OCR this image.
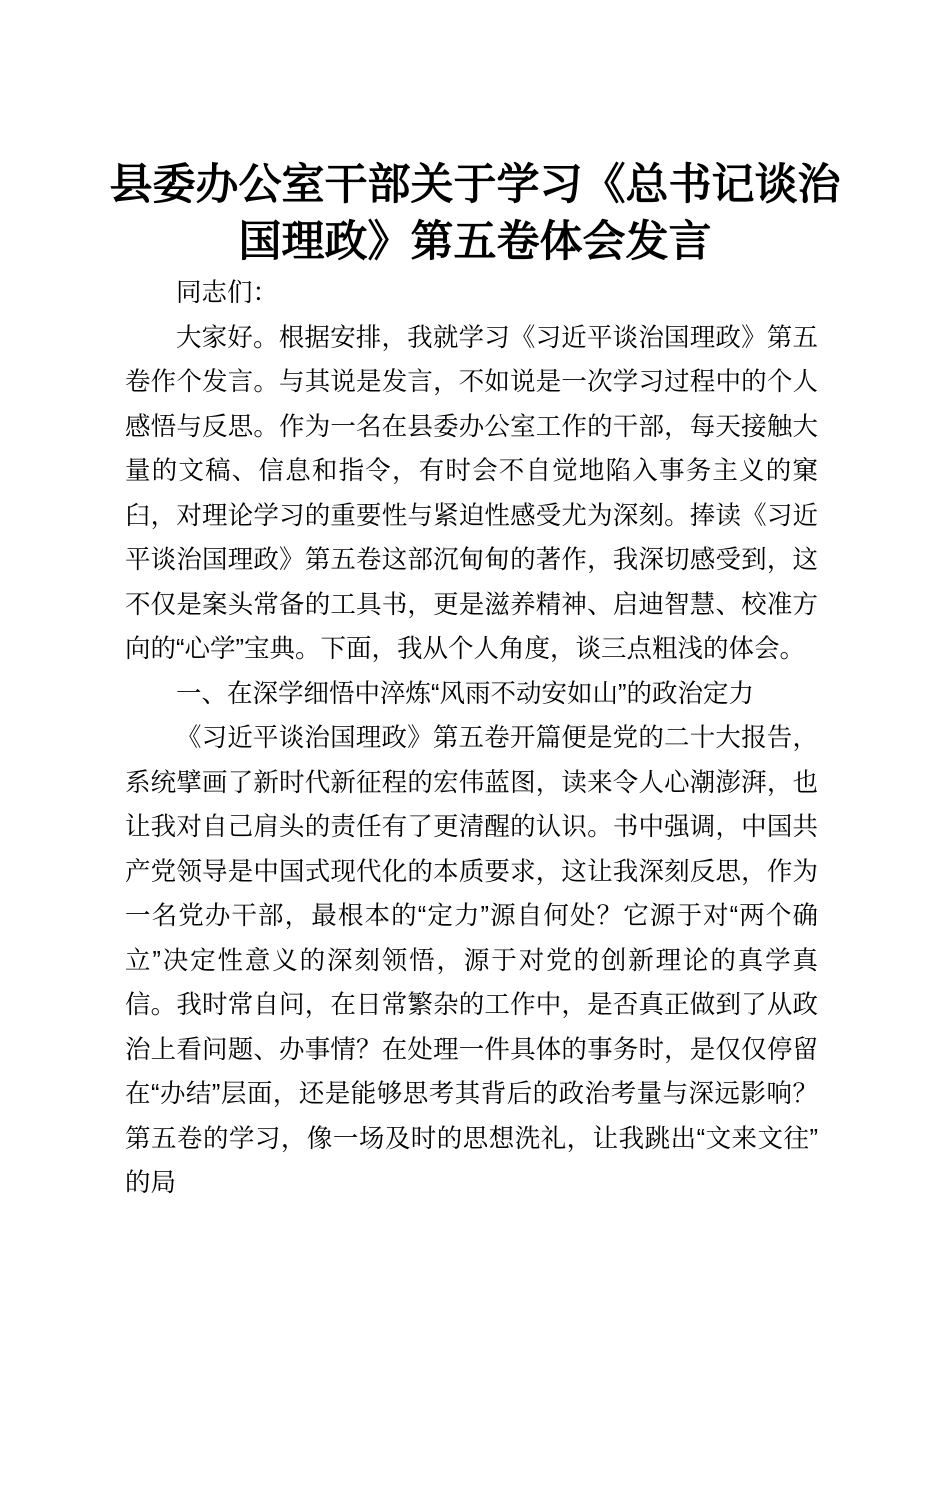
县委办公室干部关于学习《总书记谈治国理政》第五卷体会发言

同志们：

大家好。根据安排，我就学习《习近平谈治国理政》第五卷作个发言。与其说是发言，不如说是一次学习过程中的个人感悟与反思。作为一名在县委办公室工作的干部，每天接触大量的文稿、信息和指令，有时会不自觉地陷入事务主义的窠臼，对理论学习的重要性与紧迫性感受尤为深刻。捧读《习近平谈治国理政》第五卷这部沉甸甸的著作，我深切感受到，这不仅是案头常备的工具书，更是滋养精神、启迪智慧、校准方向的“心学”宝典。下面，我从个人角度，谈三点粗浅的体会。

一、在深学细悟中淬炼“风雨不动安如山”的政治定力

《习近平谈治国理政》第五卷开篇便是党的二十大报告，系统擘画了新时代新征程的宏伟蓝图，读来令人心潮澎湃，也让我对自己肩头的责任有了更清醒的认识。书中强调，中国共产党领导是中国式现代化的本质要求，这让我深刻反思，作为一名党办干部，最根本的“定力”源自何处？它源于对“两个确立”决定性意义的深刻领悟，源于对党的创新理论的真学真信。我时常自问，在日常繁杂的工作中，是否真正做到了从政治上看问题、办事情？在处理一件具体的事务时，是仅仅停留在“办结”层面，还是能够思考其背后的政治考量与深远影响？第五卷的学习，像一场及时的思想洗礼，让我跳出“文来文往”的局
